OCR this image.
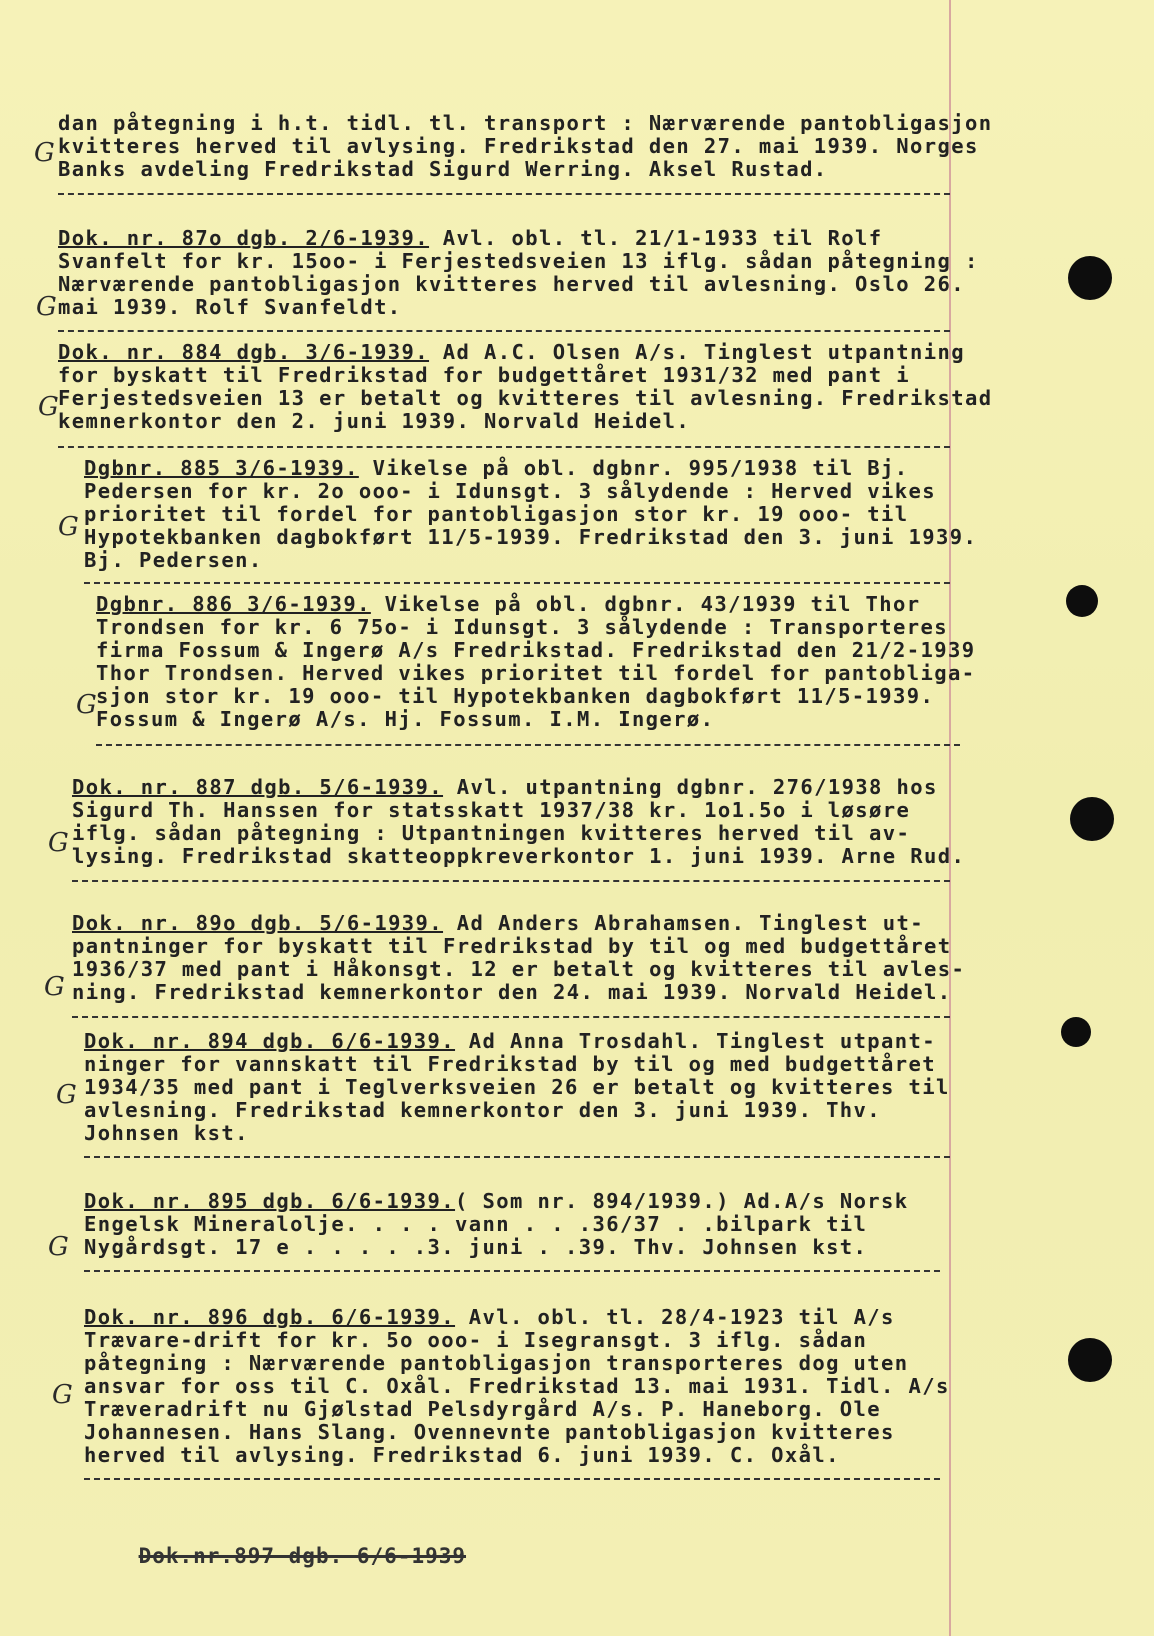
dan påtegning i h.t. tidl. tl. transport : Nærværende pantobligasjon
kvitteres herved til avlysing. Fredrikstad den 27. mai 1939. Norges
Banks avdeling Fredrikstad Sigurd Werring. Aksel Rustad.
Dok. nr. 87o dgb. 2/6-1939. Avl. obl. tl. 21/1-1933 til Rolf
Svanfelt for kr. 15oo- i Ferjestedsveien 13 iflg. sådan påtegning :
Nærværende pantobligasjon kvitteres herved til avlesning. Oslo 26.
mai 1939. Rolf Svanfeldt.
Dok. nr. 884 dgb. 3/6-1939. Ad A.C. Olsen A/s. Tinglest utpantning
for byskatt til Fredrikstad for budgettåret 1931/32 med pant i
Ferjestedsveien 13 er betalt og kvitteres til avlesning. Fredrikstad
kemnerkontor den 2. juni 1939. Norvald Heidel.
Dgbnr. 885 3/6-1939. Vikelse på obl. dgbnr. 995/1938 til Bj.
Pedersen for kr. 2o ooo- i Idunsgt. 3 sålydende : Herved vikes
prioritet til fordel for pantobligasjon stor kr. 19 ooo- til
Hypotekbanken dagbokført 11/5-1939. Fredrikstad den 3. juni 1939.
Bj. Pedersen.
Dgbnr. 886 3/6-1939. Vikelse på obl. dgbnr. 43/1939 til Thor
Trondsen for kr. 6 75o- i Idunsgt. 3 sålydende : Transporteres
firma Fossum & Ingerø A/s Fredrikstad. Fredrikstad den 21/2-1939
Thor Trondsen. Herved vikes prioritet til fordel for pantobliga-
sjon stor kr. 19 ooo- til Hypotekbanken dagbokført 11/5-1939.
Fossum & Ingerø A/s. Hj. Fossum. I.M. Ingerø.
Dok. nr. 887 dgb. 5/6-1939. Avl. utpantning dgbnr. 276/1938 hos
Sigurd Th. Hanssen for statsskatt 1937/38 kr. 1o1.5o i løsøre
iflg. sådan påtegning : Utpantningen kvitteres herved til av-
lysing. Fredrikstad skatteoppkreverkontor 1. juni 1939. Arne Rud.
Dok. nr. 89o dgb. 5/6-1939. Ad Anders Abrahamsen. Tinglest ut-
pantninger for byskatt til Fredrikstad by til og med budgettåret
1936/37 med pant i Håkonsgt. 12 er betalt og kvitteres til avles-
ning. Fredrikstad kemnerkontor den 24. mai 1939. Norvald Heidel.
Dok. nr. 894 dgb. 6/6-1939. Ad Anna Trosdahl. Tinglest utpant-
ninger for vannskatt til Fredrikstad by til og med budgettåret
1934/35 med pant i Teglverksveien 26 er betalt og kvitteres til
avlesning. Fredrikstad kemnerkontor den 3. juni 1939. Thv.
Johnsen kst.
Dok. nr. 895 dgb. 6/6-1939.( Som nr. 894/1939.) Ad.A/s Norsk
Engelsk Mineralolje. . . . vann . . .36/37 . .bilpark til
Nygårdsgt. 17 e . . . . .3. juni . .39. Thv. Johnsen kst.
Dok. nr. 896 dgb. 6/6-1939. Avl. obl. tl. 28/4-1923 til A/s
Trævare-drift for kr. 5o ooo- i Isegransgt. 3 iflg. sådan
påtegning : Nærværende pantobligasjon transporteres dog uten
ansvar for oss til C. Oxål. Fredrikstad 13. mai 1931. Tidl. A/s
Træveradrift nu Gjølstad Pelsdyrgård A/s. P. Haneborg. Ole
Johannesen. Hans Slang. Ovennevnte pantobligasjon kvitteres
herved til avlysing. Fredrikstad 6. juni 1939. C. Oxål.

Dok.nr.897 dgb. 6/6-1939

G
G
G
G
G
G
G
G
G
G
